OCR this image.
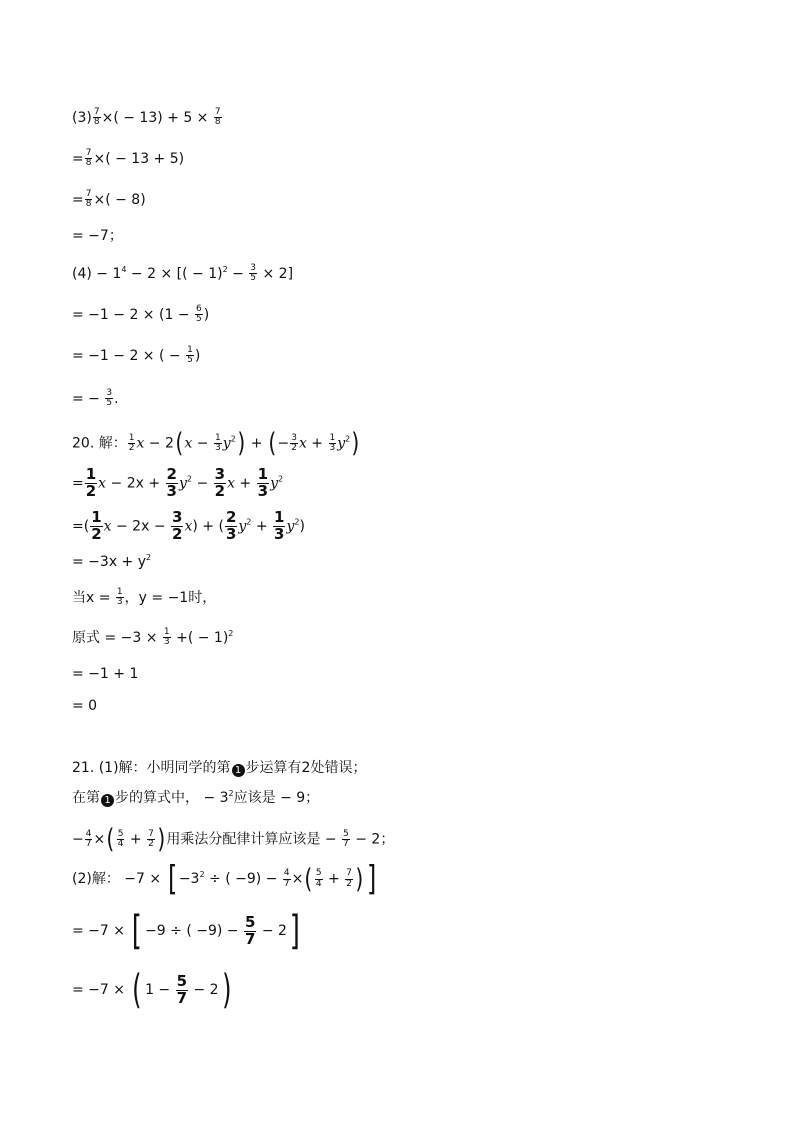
$(3) \frac{7}{8}$ ×( − $13) + 5 \times \frac{7}{8}$
= $\frac{7}{8}$ ×( − 13 + 5)
= $\frac{7}{8}$ ×( − 8)
= −7；
$(4) - 1^4 - 2$ × [( − $1)^2 - \frac{3}{5} \times 2$]
= $-1 - 2 \times (1 - \frac{6}{5}$ )
= −1 − 2 × ( − $\frac{1}{5}$ )
= − $\frac{3}{5}$ .
20. 解： $\frac{1}{2}$ $x - 2(x - \frac{1}{3} y^2)$ + (− $\frac{3}{2}$ $x + \frac{1}{3} y^2$)
= $\frac{1}{2}$ $x - 2x + \frac{2}{3} y^2 - \frac{3}{2}$ $x + \frac{1}{3} y^2$
=( $\frac{1}{2}$ $x - 2x - \frac{3}{2} x$) + ( $\frac{2}{3} y^2 + \frac{1}{3} y^2$)
= $-3x + y^2$
当$x = \frac{1}{3}$ ，y = −1时，
原式 = $-3 \times \frac{1}{3}$ +( − 1)$^2$
= −1 + 1
= 0
21. (1)解：小明同学的第 1 步运算有2处错误；
在第 1 步的算式中， − $3^2$应该是 − 9；
− $\frac{4}{7}$ ×( $\frac{5}{4} + \frac{7}{2}$ )用乘法分配律计算应该是 − $\frac{5}{7} - 2$；
(2)解： −7 × [ $-3^2$ ÷ ( $-9) - \frac{4}{7}$ ×( $\frac{5}{4} + \frac{7}{2}$ )]
= −7 × [ −9 ÷ ( $-9) - \frac{5}{7} - 2$]
= −7 × ( $1 - \frac{5}{7} - 2$)
